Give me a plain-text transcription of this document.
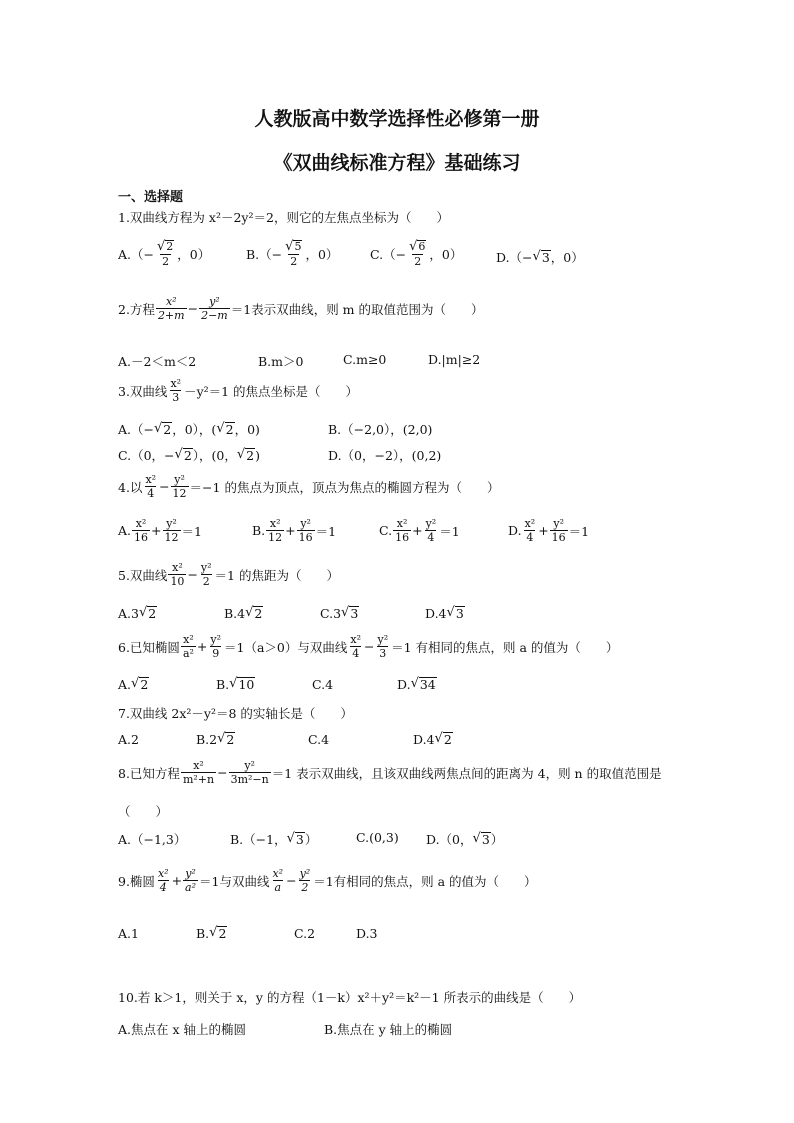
人教版高中数学选择性必修第一册
《双曲线标准方程》基础练习
一、选择题
1.双曲线方程为 x²－2y²＝2，则它的左焦点坐标为（　　）
$A.(- \frac{√ 2}{2}$ ，0）	$B.(- \frac{√ 5}{2}$ ，0）	$C.(- \frac{√ 6}{2}$ ，0）	D.（− √ 3 ，0）
2.方程 $\frac{\text{x²}}{2+m} - \frac{\text{y²}}{2-m} =1$表示双曲线，则 m 的取值范围为（　　）
A.－2＜m＜2	B.m＞0	C.m≥0	D.|m|≥2
3.双曲线 $\frac{\text{x²}}{3} -y^2=1$ 的焦点坐标是（　　）
A.（− √ 2 ，0），( √ 2 ，0)	B.（−2,0），(2,0)
C.（0，− √ 2 ），(0， √ 2 )	D.（0，−2），(0,2)
4.以 $\frac{\text{x²}}{4} - \frac{\text{y²}}{12} =-1$ 的焦点为顶点，顶点为焦点的椭圆方程为（　　）
A. $\frac{\text{x²}}{16} + \frac{\text{y²}}{12} =1$	B. $\frac{\text{x²}}{12} + \frac{\text{y²}}{16} =1$	C. $\frac{\text{x²}}{16} + \frac{\text{y²}}{4} =1$	D. $\frac{\text{x²}}{4} + \frac{\text{y²}}{16} =1$
5.双曲线 $\frac{\text{x²}}{10} - \frac{\text{y²}}{2} =1$ 的焦距为（　　）
A.3 √ 2	B.4 √ 2	C.3 √ 3	D.4 √ 3
6.已知椭圆 $\frac{\text{x²}}{\text{a²}} + \frac{\text{y²}}{9} =1(a>0)$与双曲线 $\frac{\text{x²}}{4} - \frac{\text{y²}}{3} =1$ 有相同的焦点，则 a 的值为（　　）
A. √ 2	B. √ 10	C.4	D. √ 34
7.双曲线 2x²－y²＝8 的实轴长是（　　）
A.2	B.2 √ 2	C.4	D.4 √ 2
8.已知方程 $\frac{\text{x²}}{\text{m²+n}} - \frac{\text{y²}}{\text{3m²−n}} =1$ 表示双曲线，且该双曲线两焦点间的距离为 4，则 n 的取值范围是
（　　）
A.（−1,3）	B.（−1， √ 3 ）	C.(0,3) D.（0， √ 3 ）
9.椭圆 $\frac{\text{x²}}{4} + \frac{\text{y²}}{\text{a²}} =1$与双曲线 $\frac{\text{x²}}{a} - \frac{\text{y²}}{2} =1$有相同的焦点，则 a 的值为（　　）
A.1	B. √ 2	C.2	D.3
10.若 k＞1，则关于 x，y 的方程（1－k）x²＋y²＝k²－1 所表示的曲线是（　　）
A.焦点在 x 轴上的椭圆	B.焦点在 y 轴上的椭圆
